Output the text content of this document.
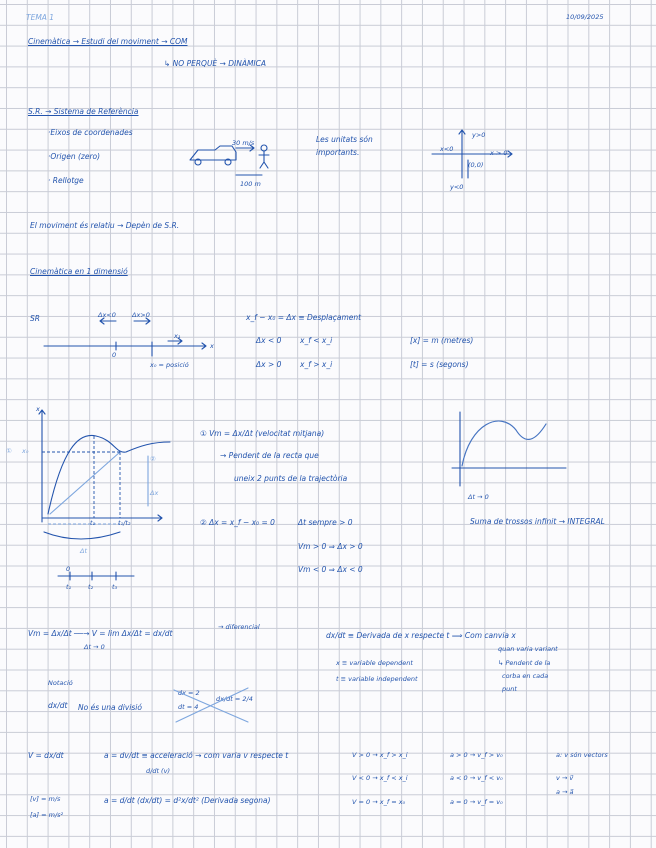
TEMA 1	10/09/2025
Cinemàtica → Estudi del moviment → COM
↳ NO PERQUÈ → DINÀMICA
S.R. → Sistema de Referència
·Eixos de coordenades
·Origen (zero)
· Rellotge
30 m/s
100 m
Les unitats són
importants.	x<0	x > 0
y>0
y<0
(0,0)
El moviment és relatiu → Depèn de S.R.
Cinemàtica en 1 dimensió
SR	Δx<0 Δx>0
x
x₁
0
x₀ = posició
x_f − x₀ = Δx ≡ Desplaçament
Δx < 0 x_f < x_i
Δx > 0 x_f > x_i
[x] = m (metres)
[t] = s (segons)
x
x₀
①
②
t₁	t₁/t₂
Δx
Δt
0
t₁	t₂	t₃
① Vm = Δx/Δt (velocitat mitjana)
→ Pendent de la recta que
uneix 2 punts de la trajectòria
② Δx = x_f − x₀ = 0	Δt sempre > 0
Vm > 0 ⇒ Δx > 0
Vm < 0 ⇒ Δx < 0
Δt → 0
Suma de trossos infinit → INTEGRAL
Vm = Δx/Δt ──→ V = lim Δx/Δt = dx/dt
Δt → 0
→ diferencial
dx/dt ≡ Derivada de x respecte t ⟹ Com canvia x
quan varia variant
x ≡ variable dependent
t ≡ variable independent
↳ Pendent de la
corba en cada
punt
Notació
dx/dt No és una divisió
dx = 2
dt = 4
dx/dt = 2/4
V = dx/dt	a = dv/dt ≡ acceleració → com varia v respecte t
d/dt (v)
a = d/dt (dx/dt) = d²x/dt² (Derivada segona)
[v] = m/s
[a] = m/s²
V > 0 → x_f > x_i
V < 0 → x_f < x_i
V = 0 → x_f = x₀
a > 0 → v_f > v₀
a < 0 → v_f < v₀
a = 0 → v_f = v₀
a: v són vectors
v → v⃗
a → a⃗
